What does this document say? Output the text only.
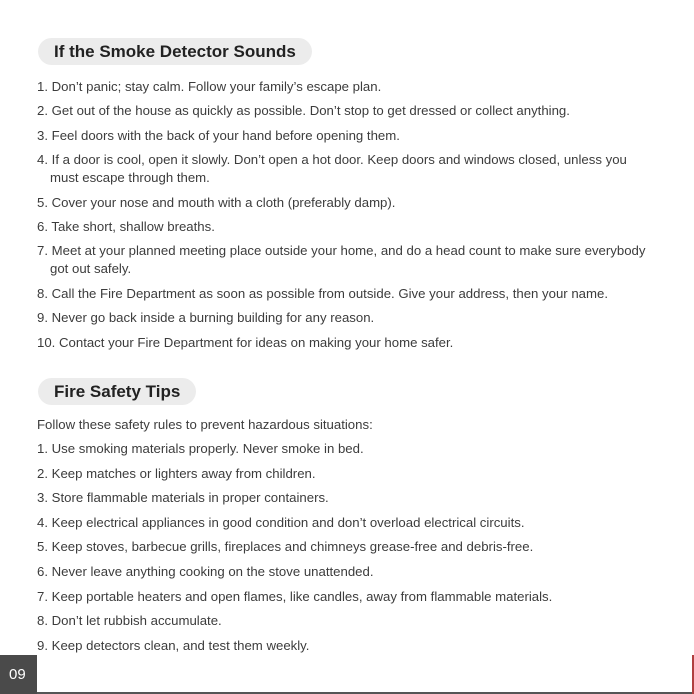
If the Smoke Detector Sounds
1. Don’t panic; stay calm. Follow your family’s escape plan.
2. Get out of the house as quickly as possible. Don’t stop to get dressed or collect anything.
3. Feel doors with the back of your hand before opening them.
4. If a door is cool, open it slowly. Don’t open a hot door. Keep doors and windows closed, unless you must escape through them.
5. Cover your nose and mouth with a cloth (preferably damp).
6. Take short, shallow breaths.
7. Meet at your planned meeting place outside your home, and do a head count to make sure everybody got out safely.
8. Call the Fire Department as soon as possible from outside. Give your address, then your name.
9. Never go back inside a burning building for any reason.
10. Contact your Fire Department for ideas on making your home safer.
Fire Safety Tips
Follow these safety rules to prevent hazardous situations:
1. Use smoking materials properly. Never smoke in bed.
2. Keep matches or lighters away from children.
3. Store flammable materials in proper containers.
4. Keep electrical appliances in good condition and don’t overload electrical circuits.
5. Keep stoves, barbecue grills, fireplaces and chimneys grease-free and debris-free.
6. Never leave anything cooking on the stove unattended.
7. Keep portable heaters and open flames, like candles, away from flammable materials.
8. Don’t let rubbish accumulate.
9. Keep detectors clean, and test them weekly.
09
